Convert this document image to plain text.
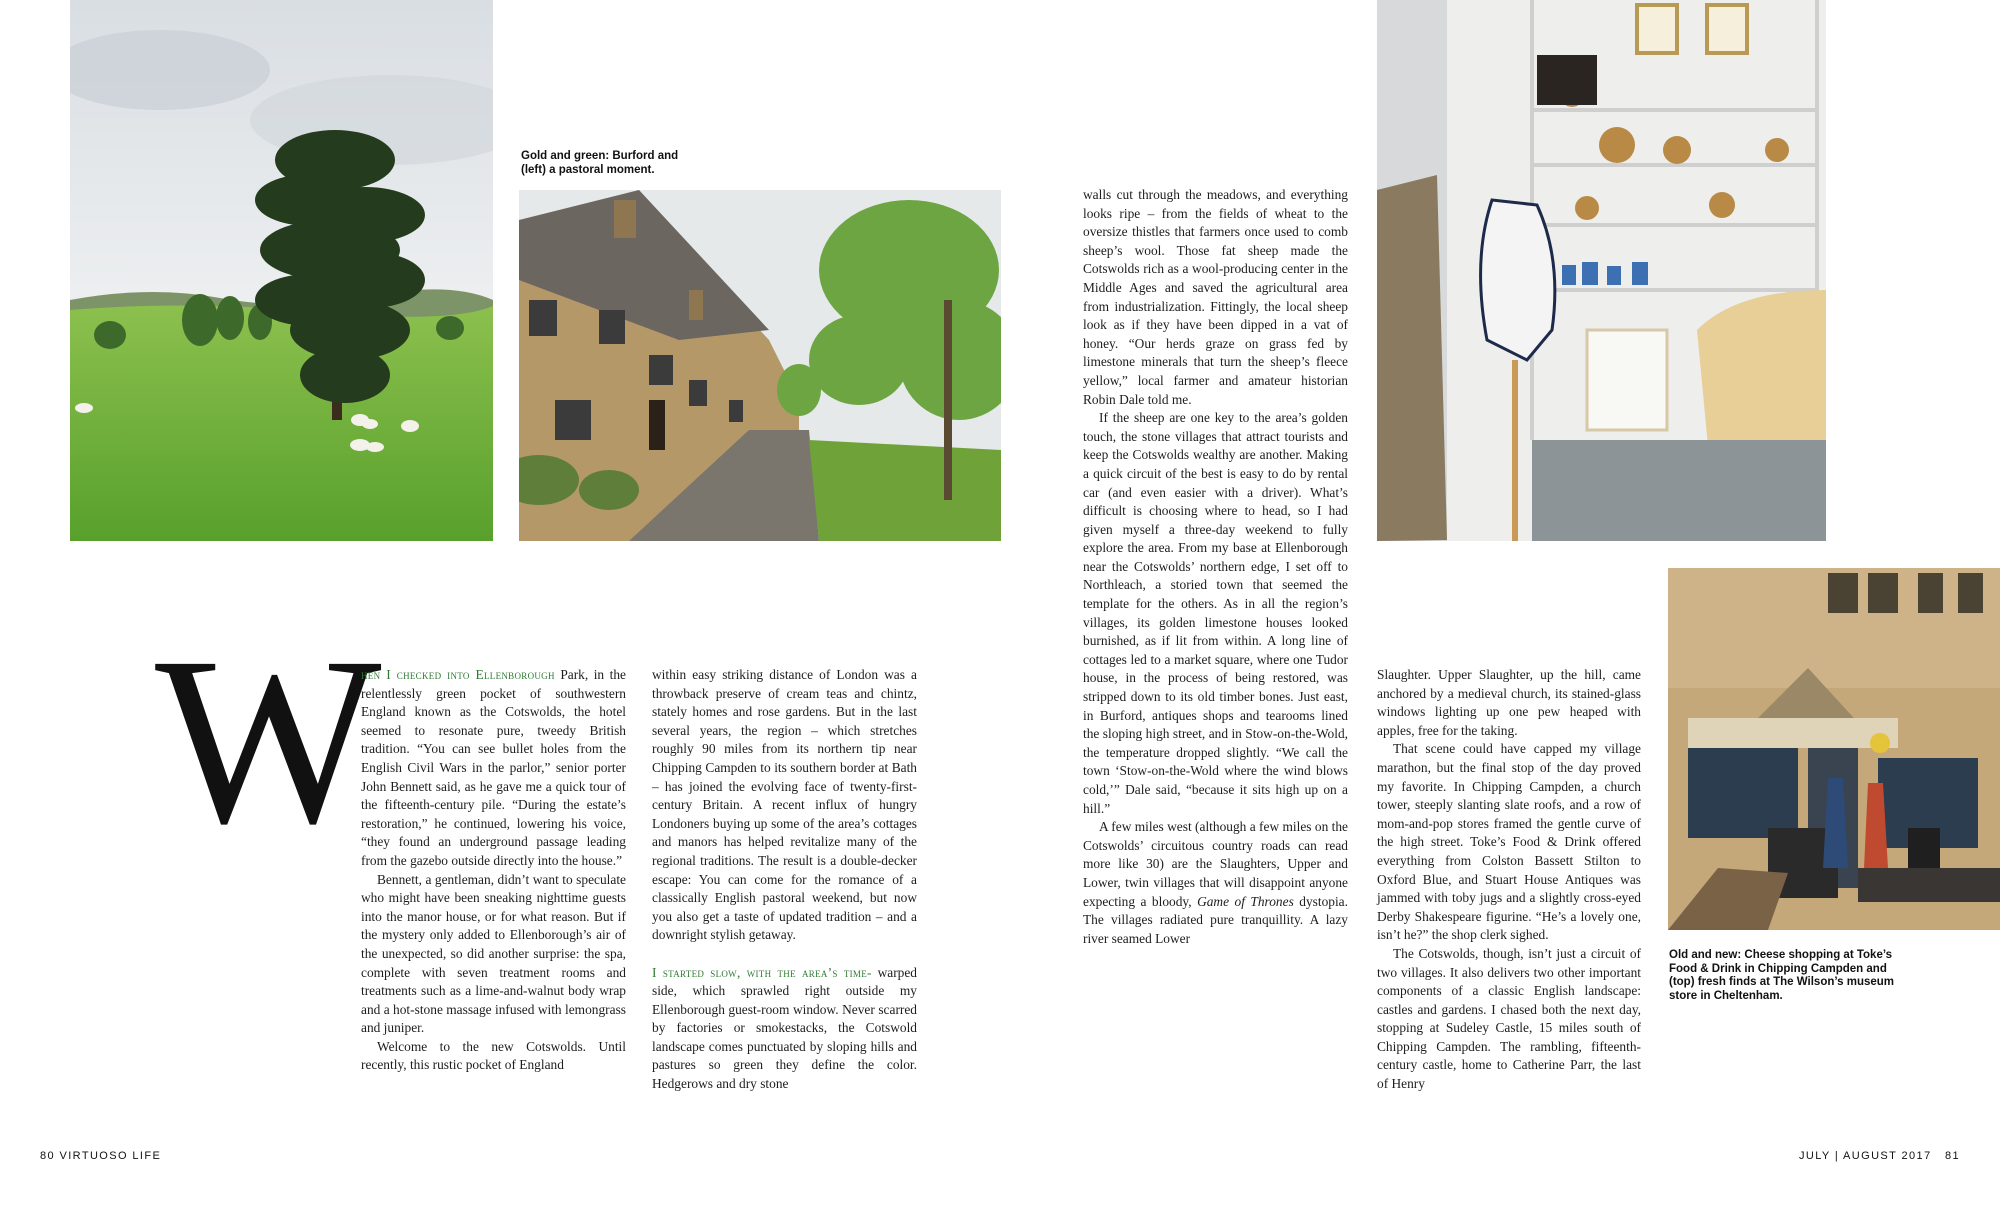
Gold and green: Burford and (left) a pastoral moment.
Old and new: Cheese shopping at Toke’s Food & Drink in Chipping Campden and (top) fresh finds at The Wilson’s museum store in Cheltenham.
W

hen I checked into Ellenborough Park, in the relentlessly green pocket of southwestern England known as the Cotswolds, the hotel seemed to resonate pure, tweedy British tradition. “You can see bullet holes from the English Civil Wars in the parlor,” senior porter John Bennett said, as he gave me a quick tour of the fifteenth-century pile. “During the estate’s restoration,” he continued, lowering his voice, “they found an underground passage leading from the gazebo outside directly into the house.”

Bennett, a gentleman, didn’t want to speculate who might have been sneaking nighttime guests into the manor house, or for what reason. But if the mystery only added to Ellenborough’s air of the unexpected, so did another surprise: the spa, complete with seven treatment rooms and treatments such as a lime-and-walnut body wrap and a hot-stone massage infused with lemongrass and juniper.

Welcome to the new Cotswolds. Until recently, this rustic pocket of England

within easy striking distance of London was a throwback preserve of cream teas and chintz, stately homes and rose gardens. But in the last several years, the region – which stretches roughly 90 miles from its northern tip near Chipping Campden to its southern border at Bath – has joined the evolving face of twenty-first-century Britain. A recent influx of hungry Londoners buying up some of the area’s cottages and manors has helped revitalize many of the regional traditions. The result is a double-decker escape: You can come for the romance of a classically English pastoral weekend, but now you also get a taste of updated tradition – and a downright stylish getaway.

I started slow, with the area’s time- warped side, which sprawled right outside my Ellenborough guest-room window. Never scarred by factories or smokestacks, the Cotswold landscape comes punctuated by sloping hills and pastures so green they define the color. Hedgerows and dry stone

walls cut through the meadows, and everything looks ripe – from the fields of wheat to the oversize thistles that farmers once used to comb sheep’s wool. Those fat sheep made the Cotswolds rich as a wool-producing center in the Middle Ages and saved the agricultural area from industrialization. Fittingly, the local sheep look as if they have been dipped in a vat of honey. “Our herds graze on grass fed by limestone minerals that turn the sheep’s fleece yellow,” local farmer and amateur historian Robin Dale told me.

If the sheep are one key to the area’s golden touch, the stone villages that attract tourists and keep the Cotswolds wealthy are another. Making a quick circuit of the best is easy to do by rental car (and even easier with a driver). What’s difficult is choosing where to head, so I had given myself a three-day weekend to fully explore the area. From my base at Ellenborough near the Cotswolds’ northern edge, I set off to Northleach, a storied town that seemed the template for the others. As in all the region’s villages, its golden limestone houses looked burnished, as if lit from within. A long line of cottages led to a market square, where one Tudor house, in the process of being restored, was stripped down to its old timber bones. Just east, in Burford, antiques shops and tearooms lined the sloping high street, and in Stow-on-the-Wold, the temperature dropped slightly. “We call the town ‘Stow-on-the-Wold where the wind blows cold,’” Dale said, “because it sits high up on a hill.”

A few miles west (although a few miles on the Cotswolds’ circuitous country roads can read more like 30) are the Slaughters, Upper and Lower, twin villages that will disappoint anyone expecting a bloody, Game of Thrones dystopia. The villages radiated pure tranquillity. A lazy river seamed Lower

Slaughter. Upper Slaughter, up the hill, came anchored by a medieval church, its stained-glass windows lighting up one pew heaped with apples, free for the taking.

That scene could have capped my village marathon, but the final stop of the day proved my favorite. In Chipping Campden, a church tower, steeply slanting slate roofs, and a row of mom-and-pop stores framed the gentle curve of the high street. Toke’s Food & Drink offered everything from Colston Bassett Stilton to Oxford Blue, and Stuart House Antiques was jammed with toby jugs and a slightly cross-eyed Derby Shakespeare figurine. “He’s a lovely one, isn’t he?” the shop clerk sighed.

The Cotswolds, though, isn’t just a circuit of two villages. It also delivers two other important components of a classic English landscape: castles and gardens. I chased both the next day, stopping at Sudeley Castle, 15 miles south of Chipping Campden. The rambling, fifteenth-century castle, home to Catherine Parr, the last of Henry

80 VIRTUOSO LIFE	JULY | AUGUST 2017   81
